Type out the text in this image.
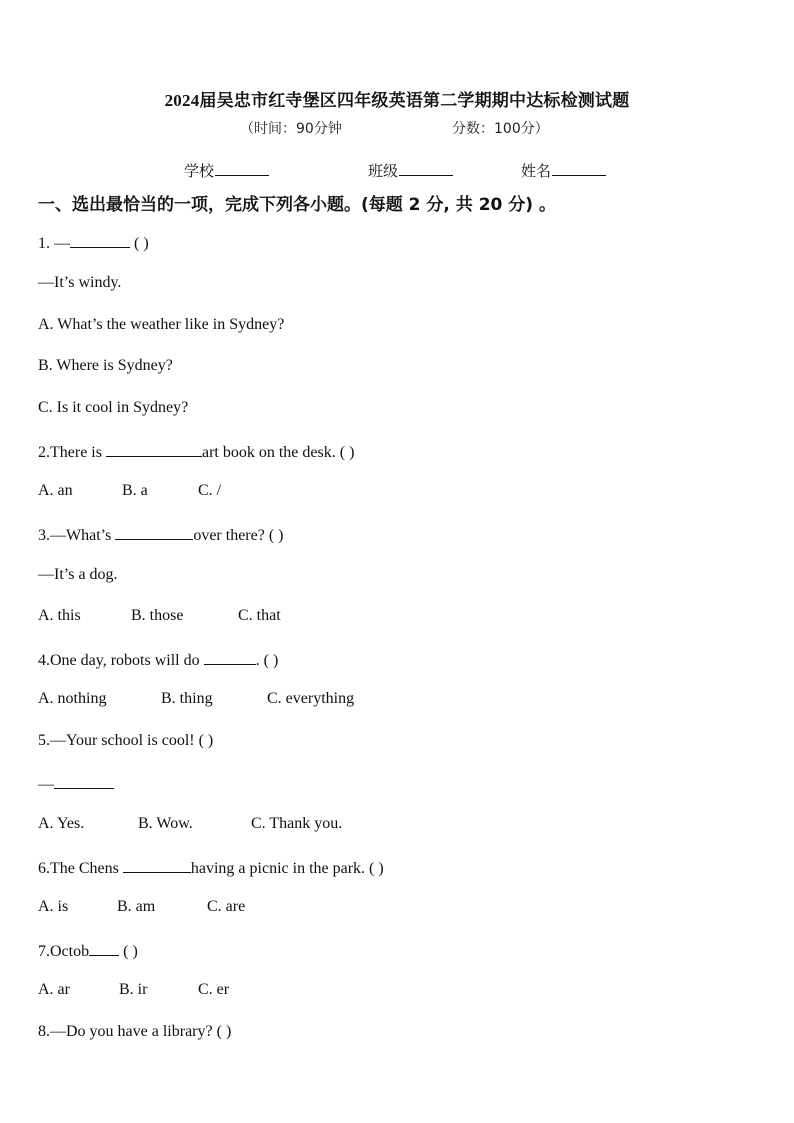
2024届吴忠市红寺堡区四年级英语第二学期期中达标检测试题
（时间：90分钟	分数：100分）
学校	班级	姓名
一、选出最恰当的一项，完成下列各小题。(每题 2 分, 共 20 分) 。
1. —	( )
—It’s windy.
A. What’s the weather like in Sydney?
B. Where is Sydney?
C. Is it cool in Sydney?
2.There is	art book on the desk. ( )
A. an	B. a	C. /
3.—What’s	over there? ( )
—It’s a dog.
A. this	B. those	C. that
4.One day, robots will do	. ( )
A. nothing	B. thing	C. everything
5.—Your school is cool! ( )
—
A. Yes.	B. Wow.	C. Thank you.
6.The Chens	having a picnic in the park. ( )
A. is	B. am	C. are
7.Octob ( )
A. ar	B. ir	C. er
8.—Do you have a library? ( )
